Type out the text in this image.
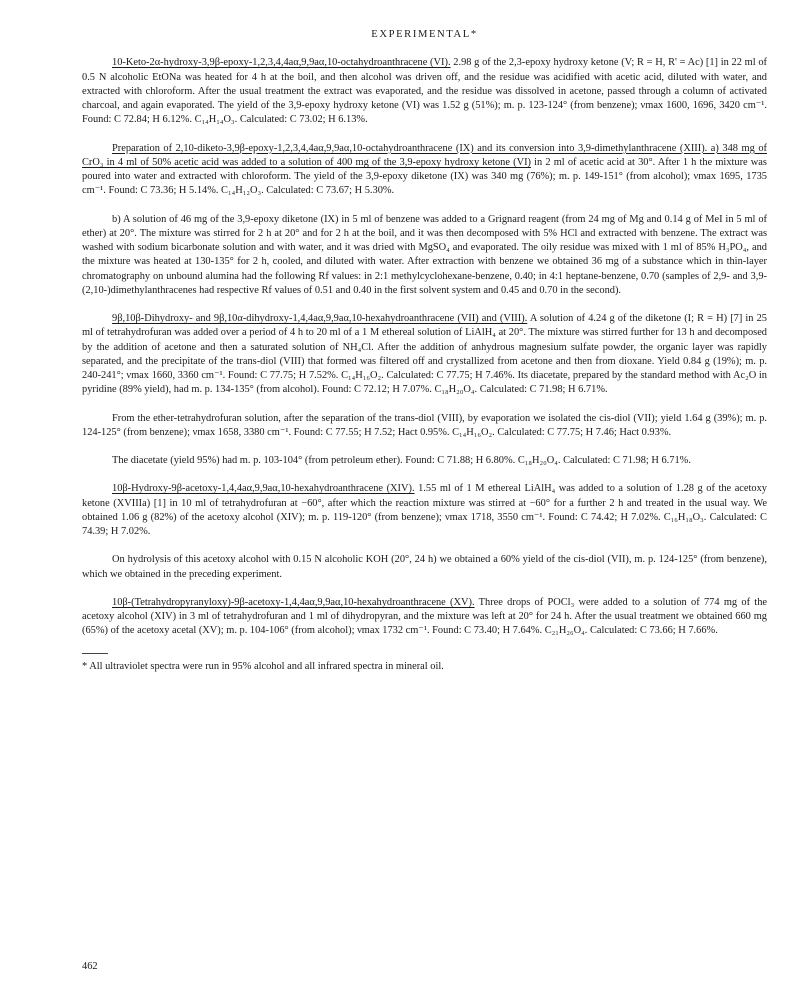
EXPERIMENTAL*

10-Keto-2α-hydroxy-3,9β-epoxy-1,2,3,4,4aα,9,9aα,10-octahydroanthracene (VI). 2.98 g of the 2,3-epoxy hydroxy ketone (V; R = H, R' = Ac) [1] in 22 ml of 0.5 N alcoholic EtONa was heated for 4 h at the boil, and then alcohol was driven off, and the residue was acidified with acetic acid, diluted with water, and extracted with chloroform. After the usual treatment the extract was evaporated, and the residue was dissolved in acetone, passed through a column of activated charcoal, and again evaporated. The yield of the 3,9-epoxy hydroxy ketone (VI) was 1.52 g (51%); m. p. 123-124° (from benzene); νmax 1600, 1696, 3420 cm⁻¹. Found: C 72.84; H 6.12%. C₁₄H₁₄O₃. Calculated: C 73.02; H 6.13%.

Preparation of 2,10-diketo-3,9β-epoxy-1,2,3,4,4aα,9,9aα,10-octahydroanthracene (IX) and its conversion into 3,9-dimethylanthracene (XIII). a) 348 mg of CrO₃ in 4 ml of 50% acetic acid was added to a solution of 400 mg of the 3,9-epoxy hydroxy ketone (VI) in 2 ml of acetic acid at 30°. After 1 h the mixture was poured into water and extracted with chloroform. The yield of the 3,9-epoxy diketone (IX) was 340 mg (76%); m. p. 149-151° (from alcohol); νmax 1695, 1735 cm⁻¹. Found: C 73.36; H 5.14%. C₁₄H₁₂O₃. Calculated: C 73.67; H 5.30%.

b) A solution of 46 mg of the 3,9-epoxy diketone (IX) in 5 ml of benzene was added to a Grignard reagent (from 24 mg of Mg and 0.14 g of MeI in 5 ml of ether) at 20°. The mixture was stirred for 2 h at 20° and for 2 h at the boil, and it was then decomposed with 5% HCl and extracted with benzene. The extract was washed with sodium bicarbonate solution and with water, and it was dried with MgSO₄ and evaporated. The oily residue was mixed with 1 ml of 85% H₃PO₄, and the mixture was heated at 130-135° for 2 h, cooled, and diluted with water. After extraction with benzene we obtained 36 mg of a substance which in thin-layer chromatography on unbound alumina had the following Rf values: in 2:1 methylcyclohexane-benzene, 0.40; in 4:1 heptane-benzene, 0.70 (samples of 2,9- and 3,9-(2,10-)dimethylanthracenes had respective Rf values of 0.51 and 0.40 in the first solvent system and 0.45 and 0.70 in the second).

9β,10β-Dihydroxy- and 9β,10α-dihydroxy-1,4,4aα,9,9aα,10-hexahydroanthracene (VII) and (VIII). A solution of 4.24 g of the diketone (I; R = H) [7] in 25 ml of tetrahydrofuran was added over a period of 4 h to 20 ml of a 1 M ethereal solution of LiAlH₄ at 20°. The mixture was stirred further for 13 h and decomposed by the addition of acetone and then a saturated solution of NH₄Cl. After the addition of anhydrous magnesium sulfate powder, the organic layer was rapidly separated, and the precipitate of the trans-diol (VIII) that formed was filtered off and crystallized from acetone and then from dioxane. Yield 0.84 g (19%); m. p. 240-241°; νmax 1660, 3360 cm⁻¹. Found: C 77.75; H 7.52%. C₁₄H₁₆O₂. Calculated: C 77.75; H 7.46%. Its diacetate, prepared by the standard method with Ac₂O in pyridine (89% yield), had m. p. 134-135° (from alcohol). Found: C 72.12; H 7.07%. C₁₈H₂₀O₄. Calculated: C 71.98; H 6.71%.

From the ether-tetrahydrofuran solution, after the separation of the trans-diol (VIII), by evaporation we isolated the cis-diol (VII); yield 1.64 g (39%); m. p. 124-125° (from benzene); νmax 1658, 3380 cm⁻¹. Found: C 77.55; H 7.52; Hact 0.95%. C₁₄H₁₆O₂. Calculated: C 77.75; H 7.46; Hact 0.93%.

The diacetate (yield 95%) had m. p. 103-104° (from petroleum ether). Found: C 71.88; H 6.80%. C₁₈H₂₀O₄. Calculated: C 71.98; H 6.71%.

10β-Hydroxy-9β-acetoxy-1,4,4aα,9,9aα,10-hexahydroanthracene (XIV). 1.55 ml of 1 M ethereal LiAlH₄ was added to a solution of 1.28 g of the acetoxy ketone (XVIIIa) [1] in 10 ml of tetrahydrofuran at −60°, after which the reaction mixture was stirred at −60° for a further 2 h and treated in the usual way. We obtained 1.06 g (82%) of the acetoxy alcohol (XIV); m. p. 119-120° (from benzene); νmax 1718, 3550 cm⁻¹. Found: C 74.42; H 7.02%. C₁₆H₁₈O₃. Calculated: C 74.39; H 7.02%.

On hydrolysis of this acetoxy alcohol with 0.15 N alcoholic KOH (20°, 24 h) we obtained a 60% yield of the cis-diol (VII), m. p. 124-125° (from benzene), which we obtained in the preceding experiment.

10β-(Tetrahydropyranyloxy)-9β-acetoxy-1,4,4aα,9,9aα,10-hexahydroanthracene (XV). Three drops of POCl₃ were added to a solution of 774 mg of the acetoxy alcohol (XIV) in 3 ml of tetrahydrofuran and 1 ml of dihydropyran, and the mixture was left at 20° for 24 h. After the usual treatment we obtained 660 mg (65%) of the acetoxy acetal (XV); m. p. 104-106° (from alcohol); νmax 1732 cm⁻¹. Found: C 73.40; H 7.64%. C₂₁H₂₆O₄. Calculated: C 73.66; H 7.66%.

* All ultraviolet spectra were run in 95% alcohol and all infrared spectra in mineral oil.

462
